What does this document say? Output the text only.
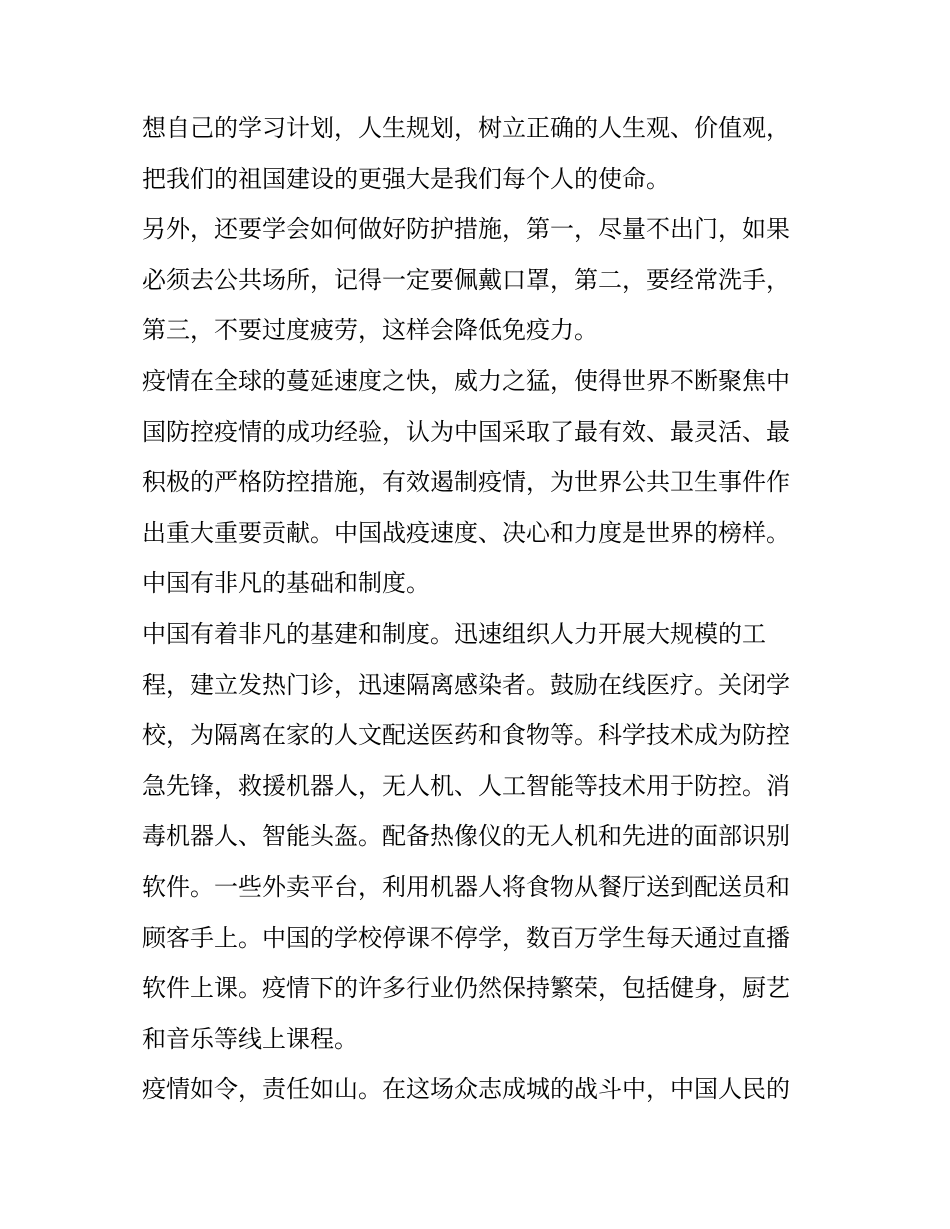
想自己的学习计划，人生规划，树立正确的人生观、价值观，
把我们的祖国建设的更强大是我们每个人的使命。
另外，还要学会如何做好防护措施，第一，尽量不出门，如果
必须去公共场所，记得一定要佩戴口罩，第二，要经常洗手，
第三，不要过度疲劳，这样会降低免疫力。
疫情在全球的蔓延速度之快，威力之猛，使得世界不断聚焦中
国防控疫情的成功经验，认为中国采取了最有效、最灵活、最
积极的严格防控措施，有效遏制疫情，为世界公共卫生事件作
出重大重要贡献。中国战疫速度、决心和力度是世界的榜样。
中国有非凡的基础和制度。
中国有着非凡的基建和制度。迅速组织人力开展大规模的工
程，建立发热门诊，迅速隔离感染者。鼓励在线医疗。关闭学
校，为隔离在家的人文配送医药和食物等。科学技术成为防控
急先锋，救援机器人，无人机、人工智能等技术用于防控。消
毒机器人、智能头盔。配备热像仪的无人机和先进的面部识别
软件。一些外卖平台，利用机器人将食物从餐厅送到配送员和
顾客手上。中国的学校停课不停学，数百万学生每天通过直播
软件上课。疫情下的许多行业仍然保持繁荣，包括健身，厨艺
和音乐等线上课程。
疫情如令，责任如山。在这场众志成城的战斗中，中国人民的
